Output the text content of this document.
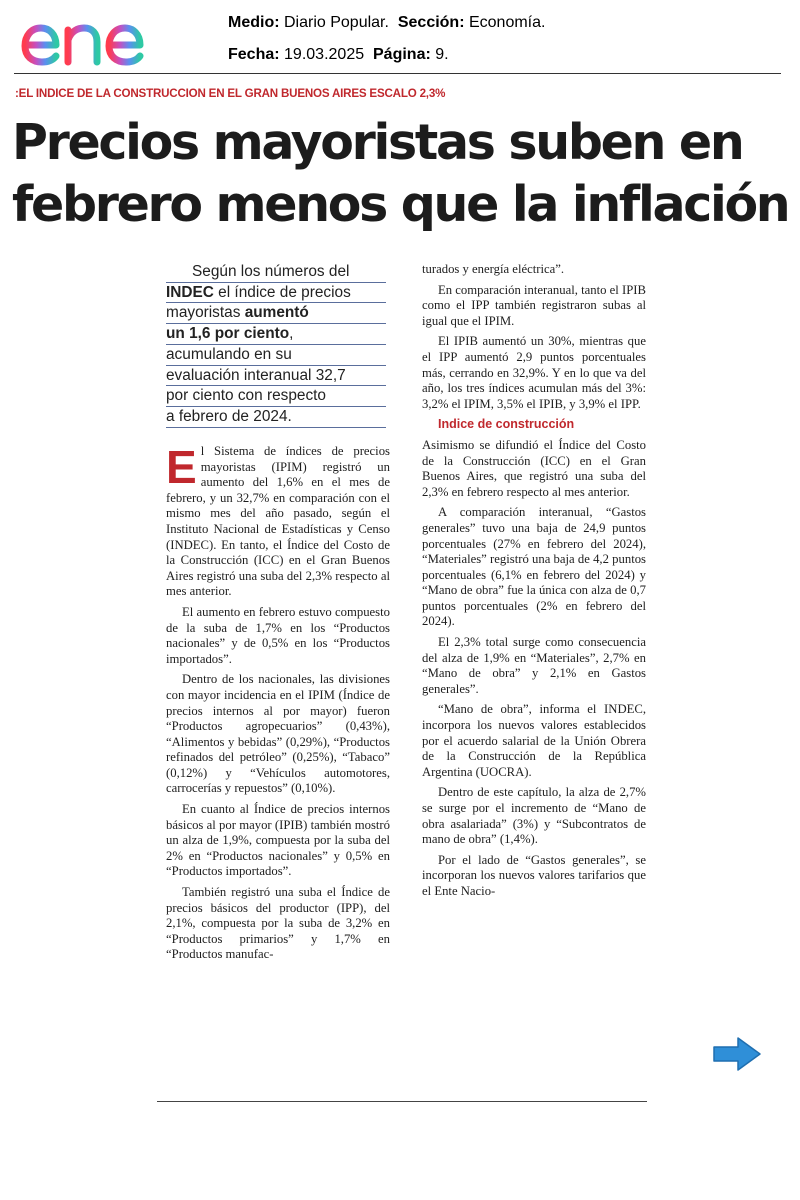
Medio: Diario Popular. Sección: Economía.
Fecha: 19.03.2025 Página: 9.
:EL INDICE DE LA CONSTRUCCION EN EL GRAN BUENOS AIRES ESCALO 2,3%
Precios mayoristas suben en
febrero menos que la inflación
Según los números del
INDEC el índice de precios
mayoristas aumentó
un 1,6 por ciento,
acumulando en su
evaluación interanual 32,7
por ciento con respecto
a febrero de 2024.

El Sistema de índices de precios mayoristas (IPIM) registró un aumento del 1,6% en el mes de febrero, y un 32,7% en comparación con el mismo mes del año pasado, según el Instituto Nacional de Estadísticas y Censo (INDEC). En tanto, el Índice del Costo de la Construcción (ICC) en el Gran Buenos Aires registró una suba del 2,3% respecto al mes anterior.

El aumento en febrero estuvo compuesto de la suba de 1,7% en los “Productos nacionales” y de 0,5% en los “Productos importados”.

Dentro de los nacionales, las divisiones con mayor incidencia en el IPIM (Índice de precios internos al por mayor) fueron “Productos agropecuarios” (0,43%), “Alimentos y bebidas” (0,29%), “Productos refinados del petróleo” (0,25%), “Tabaco” (0,12%) y “Vehículos automotores, carrocerías y repuestos” (0,10%).

En cuanto al Índice de precios internos básicos al por mayor (IPIB) también mostró un alza de 1,9%, compuesta por la suba del 2% en “Productos nacionales” y 0,5% en “Productos importados”.

También registró una suba el Índice de precios básicos del productor (IPP), del 2,1%, compuesta por la suba de 3,2% en “Productos primarios” y 1,7% en “Productos manufac-

turados y energía eléctrica”.

En comparación interanual, tanto el IPIB como el IPP también registraron subas al igual que el IPIM.

El IPIB aumentó un 30%, mientras que el IPP aumentó 2,9 puntos porcentuales más, cerrando en 32,9%. Y en lo que va del año, los tres índices acumulan más del 3%: 3,2% el IPIM, 3,5% el IPIB, y 3,9% el IPP.

Indice de construcción

Asimismo se difundió el Índice del Costo de la Construcción (ICC) en el Gran Buenos Aires, que registró una suba del 2,3% en febrero respecto al mes anterior.

A comparación interanual, “Gastos generales” tuvo una baja de 24,9 puntos porcentuales (27% en febrero del 2024), “Materiales” registró una baja de 4,2 puntos porcentuales (6,1% en febrero del 2024) y “Mano de obra” fue la única con alza de 0,7 puntos porcentuales (2% en febrero del 2024).

El 2,3% total surge como consecuencia del alza de 1,9% en “Materiales”, 2,7% en “Mano de obra” y 2,1% en Gastos generales”.

“Mano de obra”, informa el INDEC, incorpora los nuevos valores establecidos por el acuerdo salarial de la Unión Obrera de la Construcción de la República Argentina (UOCRA).

Dentro de este capítulo, la alza de 2,7% se surge por el incremento de “Mano de obra asalariada” (3%) y “Subcontratos de mano de obra” (1,4%).

Por el lado de “Gastos generales”, se incorporan los nuevos valores tarifarios que el Ente Nacio-
